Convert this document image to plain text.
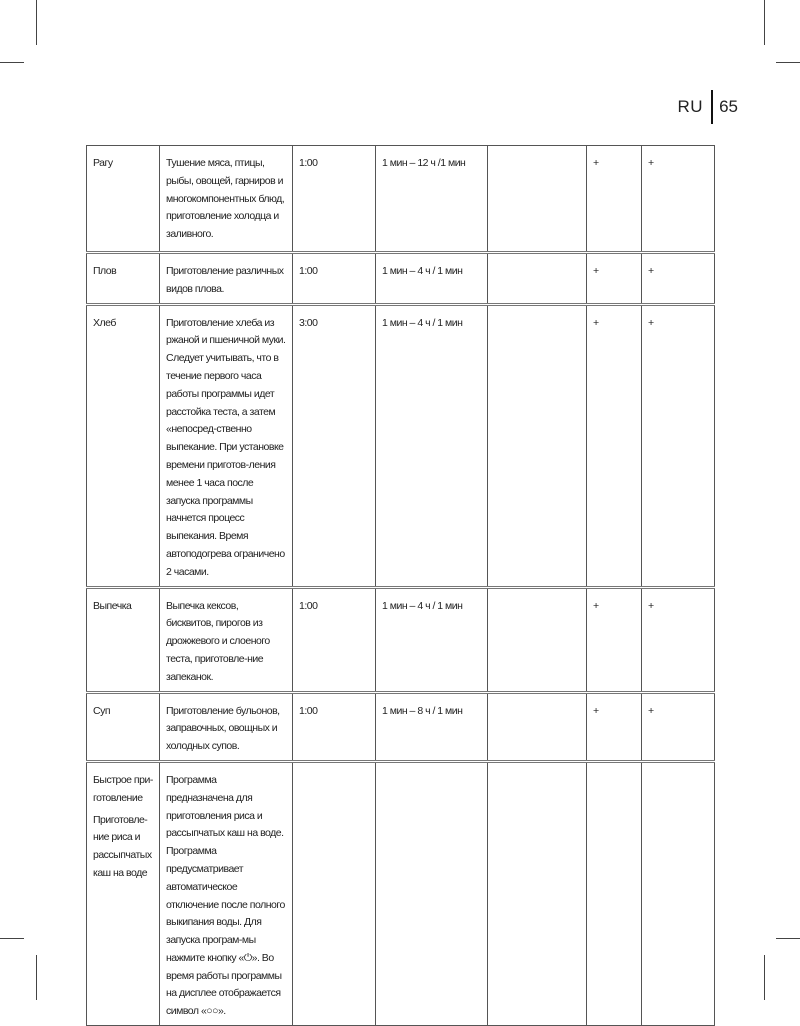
RU 65
Рагу	Тушение мяса, птицы, рыбы, овощей, гарниров и многокомпонентных блюд, приготовление холодца и заливного.	1:00	1 мин – 12 ч /1 мин		+	+

Плов	Приготовление различных видов плова.	1:00	1 мин – 4 ч / 1 мин		+	+

Хлеб	Приготовление хлеба из ржаной и пшеничной муки. Следует учитывать, что в течение первого часа работы программы идет расстойка теста, а затем «непосред-ственно выпекание. При установке времени приготов-ления менее 1 часа после запуска программы начнется процесс выпекания. Время автоподогрева ограничено 2 часами.	3:00	1 мин – 4 ч / 1 мин		+	+

Выпечка	Выпечка кексов, бисквитов, пирогов из дрожжевого и слоеного теста, приготовле-ние запеканок.	1:00	1 мин – 4 ч / 1 мин		+	+

Суп	Приготовление бульонов, заправочных, овощных и холодных супов.	1:00	1 мин – 8 ч / 1 мин		+	+

Быстрое при-готовление
Приготовле-ние риса и рассыпчатых каш на воде	Программа предназначена для приготовления риса и рассыпчатых каш на воде. Программа предусматривает автоматическое отключение после полного выкипания воды. Для запуска програм-мы нажмите кнопку «⏻». Во время работы программы на дисплее отображается символ «○○».					
